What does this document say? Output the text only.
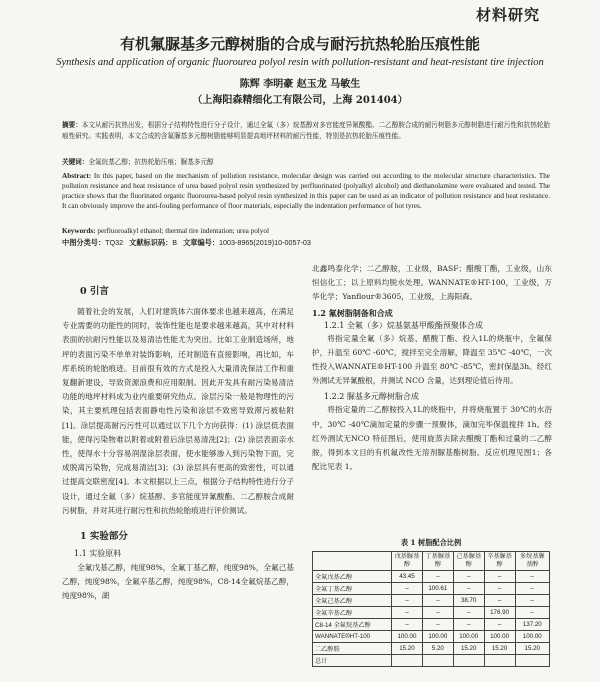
材料研究
有机氟脲基多元醇树脂的合成与耐污抗热轮胎压痕性能
Synthesis and application of organic fluorourea polyol resin with pollution-resistant and heat-resistant tire injection
陈辉 李明豪 赵玉龙 马敏生
（上海阳森精细化工有限公司，上海 201404）
摘要：本文从耐污抗热出发，根据分子结构特性进行分子设计，通过全氟（多）烷基醇对多官能度异氰酸酯、二乙醇胺合成的耐污树脂多元醇树脂进行耐污性和抗热轮胎痕性研究。实践表明，本文合成的含氟脲基多元醇树脂能够明显提高地坪材料的耐污性能，特别是抗热轮胎压痕性能。
关键词：全氟烷基乙醇；抗热轮胎压痕；脲基多元醇
Abstract: In this paper, based on the mechanism of pollution resistance, molecular design was carried out according to the molecular structure characteristics. The pollution resistance and heat resistance of urea based polyol resin synthesized by perfluorinated (polyalkyl alcohol) and diethanolamine were evaluated and tested. The practice shows that the fluorinated organic fluorourea-based polyol resin synthesized in this paper can be used as an indicator of pollution resistance and heat resistance. It can obviously improve the anti-fouling performance of floor materials, especially the indentation performance of hot tyres.
Keywords: perfluoroalkyl ethanol; thermal tire indentation; urea polyol
中图分类号：TQ32 文献标识码：B 文章编号：1003-8965(2019)10-0057-03
0 引言

随着社会的发展，人们对建筑体六面体要求也越来越高，在满足专业需要的功能性的同时，装饰性能也是要求越来越高，其中对材料表面的抗耐污性能以及易清洁性能尤为突出。比如工业制造场所，地坪的表面污染不单单对装饰影响，还对制造有直接影响，再比如，车库系统的轮胎痕迹。目前很有效的方式是投入大量清洗保洁工作和重复翻新建设，导致资源浪费和应用限制。因此开发具有耐污染易清洁功能的地坪材料成为业内重要研究热点。涂层污染一般是物理性的污染，其主要机理包括表面静电性污染和涂层不致密导致滞污被粘附[1]。涂层提高耐污污性可以通过以下几个方向获得：(1) 涂层低表面能，使得污染物难以附着或附着后涂层易清洗[2]；(2) 涂层表面亲水性，使得水十分容易润湿涂层表面，使水能够渗入到污染物下面，完成脱离污染物，完成易清洁[3]；(3) 涂层具有更高的致密性，可以通过提高交联密度[4]。本文根据以上三点，根据分子结构特性进行分子设计，通过全氟（多）烷基醇、多官能度异氰酸酯、二乙醇胺合成耐污树脂，并对其进行耐污性和抗热轮胎痕进行评价测试。

1 实验部分
1.1 实验原料

全氟戊基乙醇，纯度98%，全氟丁基乙醇，纯度98%，全氟己基乙醇，纯度98%，全氟辛基乙醇，纯度98%，C8-14全氟烷基乙醇，纯度98%，湖

北鑫鸣泰化学；二乙醇胺，工业级，BASF；醋酸丁酯，工业级，山东恒信化工；以上原料均脱水处理。WANNATE®HT-100，工业级，万华化学；Yanflour®3605，工业级，上海阳森。

1.2 氟树脂制备和合成
1.2.1 全氟（多）烷基氨基甲酸酯预聚体合成

将指定量全氟（多）烷基、醋酸丁酯、投入1L的烧瓶中，全氟保护，升温至 60℃ -60℃，搅拌至完全溶解，降温至 35℃ -40℃，一次性投入WANNATE®HT-100 升温至 80℃ -85℃，密封保温3h。经红外测试无异氰酸根，并测试 NCO 含量，达到理论值后待用。

1.2.2 脲基多元醇树脂合成

将指定量的二乙醇胺投入1L的烧瓶中，并将烧瓶置于 30℃的水浴中，30℃ -40℃滴加定量的步骤一预聚体，滴加完毕保温搅拌 1h。经红外测试无NCO 特征图后，使用旋蒸去除去醋酸丁酯和过量的二乙醇胺，得到本文目的有机氟改性无溶剂脲基酯树脂。反应机理见图1；各配比见表 1。

表 1 树脂配合比例
	戊基脲基醇	丁基脲基醇	己基脲基醇	辛基脲基醇	多烷基脲基醇
全氟戊基乙醇	43.45	–	–	–	–
全氟丁基乙醇	–	100.61	–	–	–
全氟己基乙醇	–	–	38.70	–	–
全氟辛基乙醇	–	–	–	176.90	–
C8-14 全氟烷基乙醇	–	–	–	–	137.20
WANNATE®HT-100	100.00	100.00	100.00	100.00	100.00
二乙醇胺	15.20	5.20	15.20	15.20	15.20
总计					
